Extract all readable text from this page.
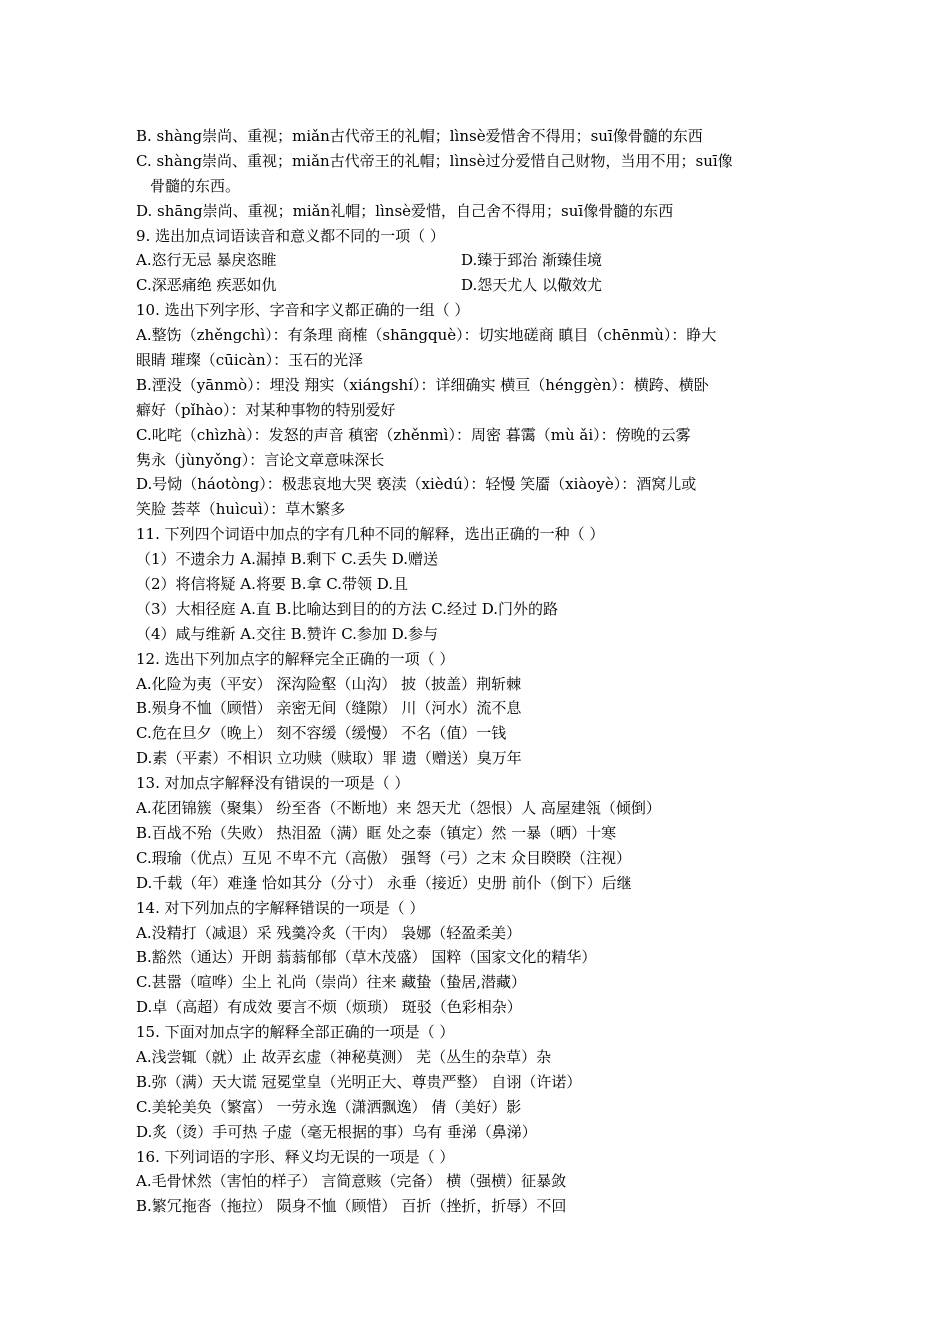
B. shàng崇尚、重视；miǎn古代帝王的礼帽；lìnsè爱惜舍不得用；suī像骨髓的东西
C. shàng崇尚、重视；miǎn古代帝王的礼帽；lìnsè过分爱惜自己财物，当用不用；suī像
骨髓的东西。
D. shāng崇尚、重视；miǎn礼帽；lìnsè爱惜，自己舍不得用；suī像骨髓的东西
9. 选出加点词语读音和意义都不同的一项（ ）
A.恣行无忌 暴戾恣睢	D.臻于郅治 渐臻佳境
C.深恶痛绝 疾恶如仇	D.怨天尤人 以儆效尤
10. 选出下列字形、字音和字义都正确的一组（ ）
A.整饬（zhěngchì）：有条理 商榷（shāngquè）：切实地磋商 瞋目（chēnmù）：睁大
眼睛 璀璨（cūicàn）：玉石的光泽
B.湮没（yānmò）：埋没 翔实（xiángshí）：详细确实 横亘（hénggèn）：横跨、横卧
癖好（pǐhào）：对某种事物的特别爱好
C.叱咤（chìzhà）：发怒的声音 稹密（zhěnmì）：周密 暮霭（mù ǎi）：傍晚的云雾
隽永（jùnyǒng）：言论文章意味深长
D.号恸（háotòng）：极悲哀地大哭 亵渎（xièdú）：轻慢 笑靥（xiàoyè）：酒窝儿或
笑脸 荟萃（huìcuì）：草木繁多
11. 下列四个词语中加点的字有几种不同的解释，选出正确的一种（ ）
（1）不遗余力 A.漏掉 B.剩下 C.丢失 D.赠送
（2）将信将疑 A.将要 B.拿 C.带领 D.且
（3）大相径庭 A.直 B.比喻达到目的的方法 C.经过 D.门外的路
（4）咸与维新 A.交往 B.赞许 C.参加 D.参与
12. 选出下列加点字的解释完全正确的一项（ ）
A.化险为夷（平安） 深沟险壑（山沟） 披（披盖）荆斩棘
B.殒身不恤（顾惜） 亲密无间（缝隙） 川（河水）流不息
C.危在旦夕（晚上） 刻不容缓（缓慢） 不名（值）一钱
D.素（平素）不相识 立功赎（赎取）罪 遗（赠送）臭万年
13. 对加点字解释没有错误的一项是（ ）
A.花团锦簇（聚集） 纷至沓（不断地）来 怨天尤（怨恨）人 高屋建瓴（倾倒）
B.百战不殆（失败） 热泪盈（满）眶 处之泰（镇定）然 一暴（晒）十寒
C.瑕瑜（优点）互见 不卑不亢（高傲） 强弩（弓）之末 众目睽睽（注视）
D.千载（年）难逢 恰如其分（分寸） 永垂（接近）史册 前仆（倒下）后继
14. 对下列加点的字解释错误的一项是（ ）
A.没精打（减退）采 残羹冷炙（干肉） 袅娜（轻盈柔美）
B.豁然（通达）开朗 蓊蓊郁郁（草木茂盛） 国粹（国家文化的精华）
C.甚嚣（喧哗）尘上 礼尚（崇尚）往来 藏蛰（蛰居,潜藏）
D.卓（高超）有成效 要言不烦（烦琐） 斑驳（色彩相杂）
15. 下面对加点字的解释全部正确的一项是（ ）
A.浅尝辄（就）止 故弄玄虚（神秘莫测） 芜（丛生的杂草）杂
B.弥（满）天大谎 冠冕堂皇（光明正大、尊贵严整） 自诩（许诺）
C.美轮美奂（繁富） 一劳永逸（潇洒飘逸） 倩（美好）影
D.炙（烫）手可热 子虚（毫无根据的事）乌有 垂涕（鼻涕）
16. 下列词语的字形、释义均无误的一项是（ ）
A.毛骨怵然（害怕的样子） 言简意赅（完备） 横（强横）征暴敛
B.繁冗拖沓（拖拉） 陨身不恤（顾惜） 百折（挫折，折辱）不回
